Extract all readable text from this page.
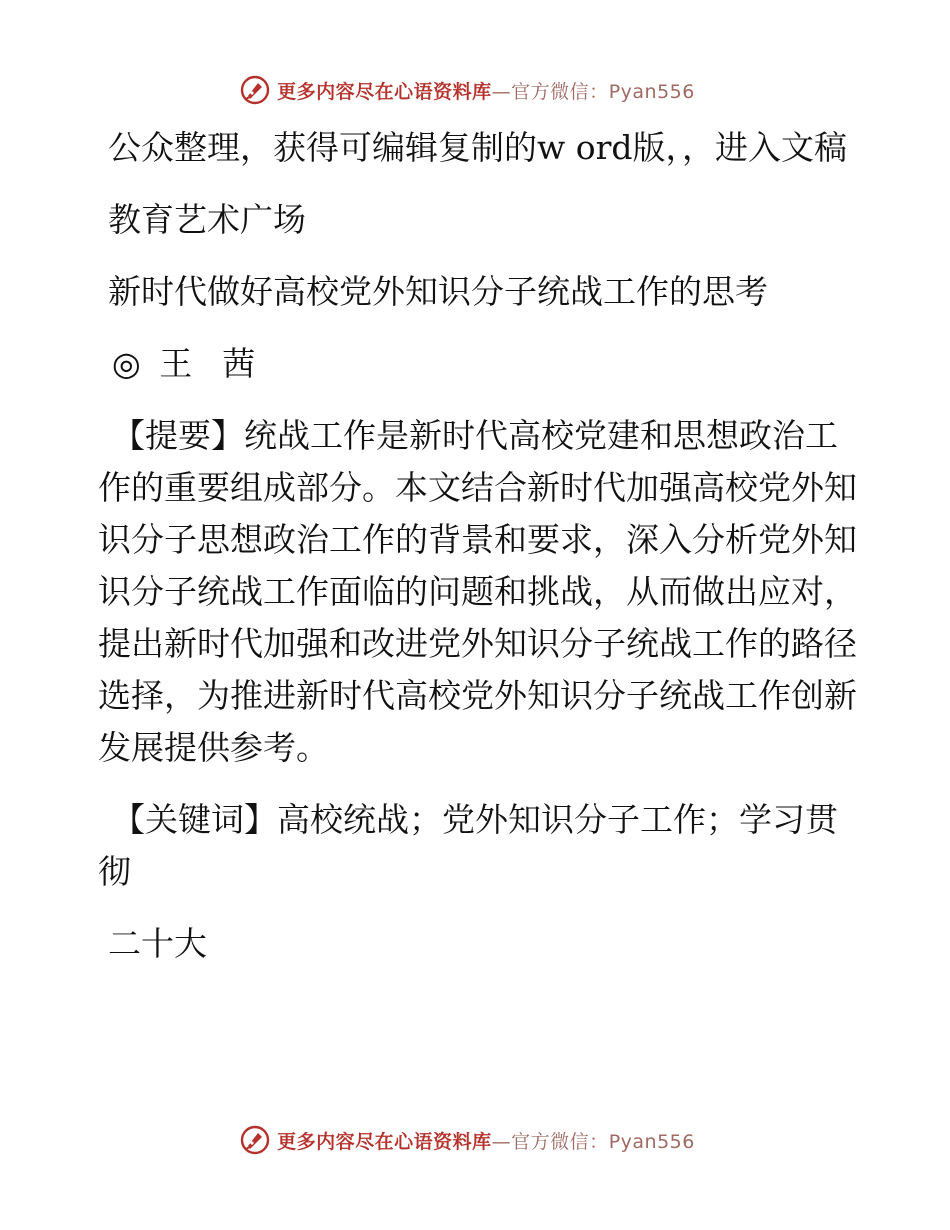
更多内容尽在心语资料库—官方微信：Pyan556

公众整理，获得可编辑复制的w ord版，，进入文稿

教育艺术广场

新时代做好高校党外知识分子统战工作的思考

◎ 王 茜

【提要】统战工作是新时代高校党建和思想政治工作的重要组成部分。本文结合新时代加强高校党外知识分子思想政治工作的背景和要求，深入分析党外知识分子统战工作面临的问题和挑战，从而做出应对，提出新时代加强和改进党外知识分子统战工作的路径选择，为推进新时代高校党外知识分子统战工作创新发展提供参考。

【关键词】高校统战；党外知识分子工作；学习贯彻

二十大

更多内容尽在心语资料库—官方微信：Pyan556
